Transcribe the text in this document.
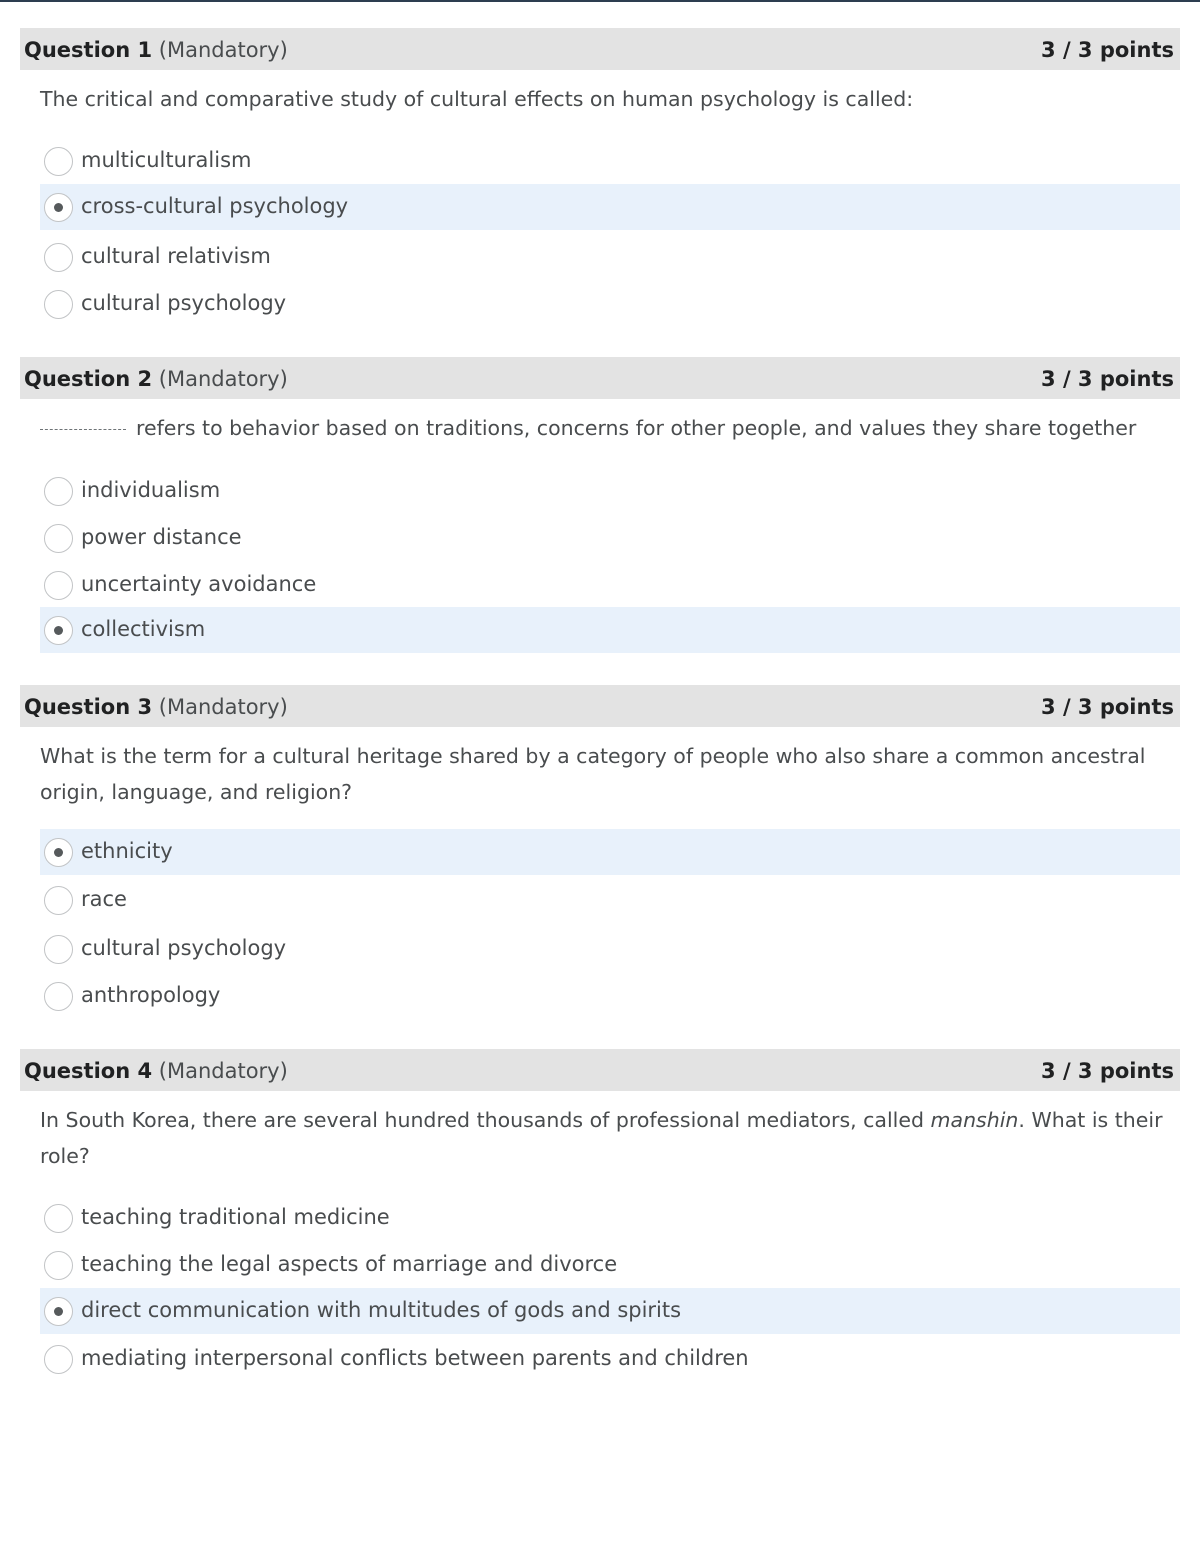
Question 1 (Mandatory)	3 / 3 points
The critical and comparative study of cultural effects on human psychology is called:
multiculturalism
cross-cultural psychology
cultural relativism
cultural psychology
Question 2 (Mandatory)	3 / 3 points
refers to behavior based on traditions, concerns for other people, and values they share together
individualism
power distance
uncertainty avoidance
collectivism
Question 3 (Mandatory)	3 / 3 points
What is the term for a cultural heritage shared by a category of people who also share a common ancestral origin, language, and religion?
ethnicity
race
cultural psychology
anthropology
Question 4 (Mandatory)	3 / 3 points
In South Korea, there are several hundred thousands of professional mediators, called manshin. What is their role?
teaching traditional medicine
teaching the legal aspects of marriage and divorce
direct communication with multitudes of gods and spirits
mediating interpersonal conflicts between parents and children
